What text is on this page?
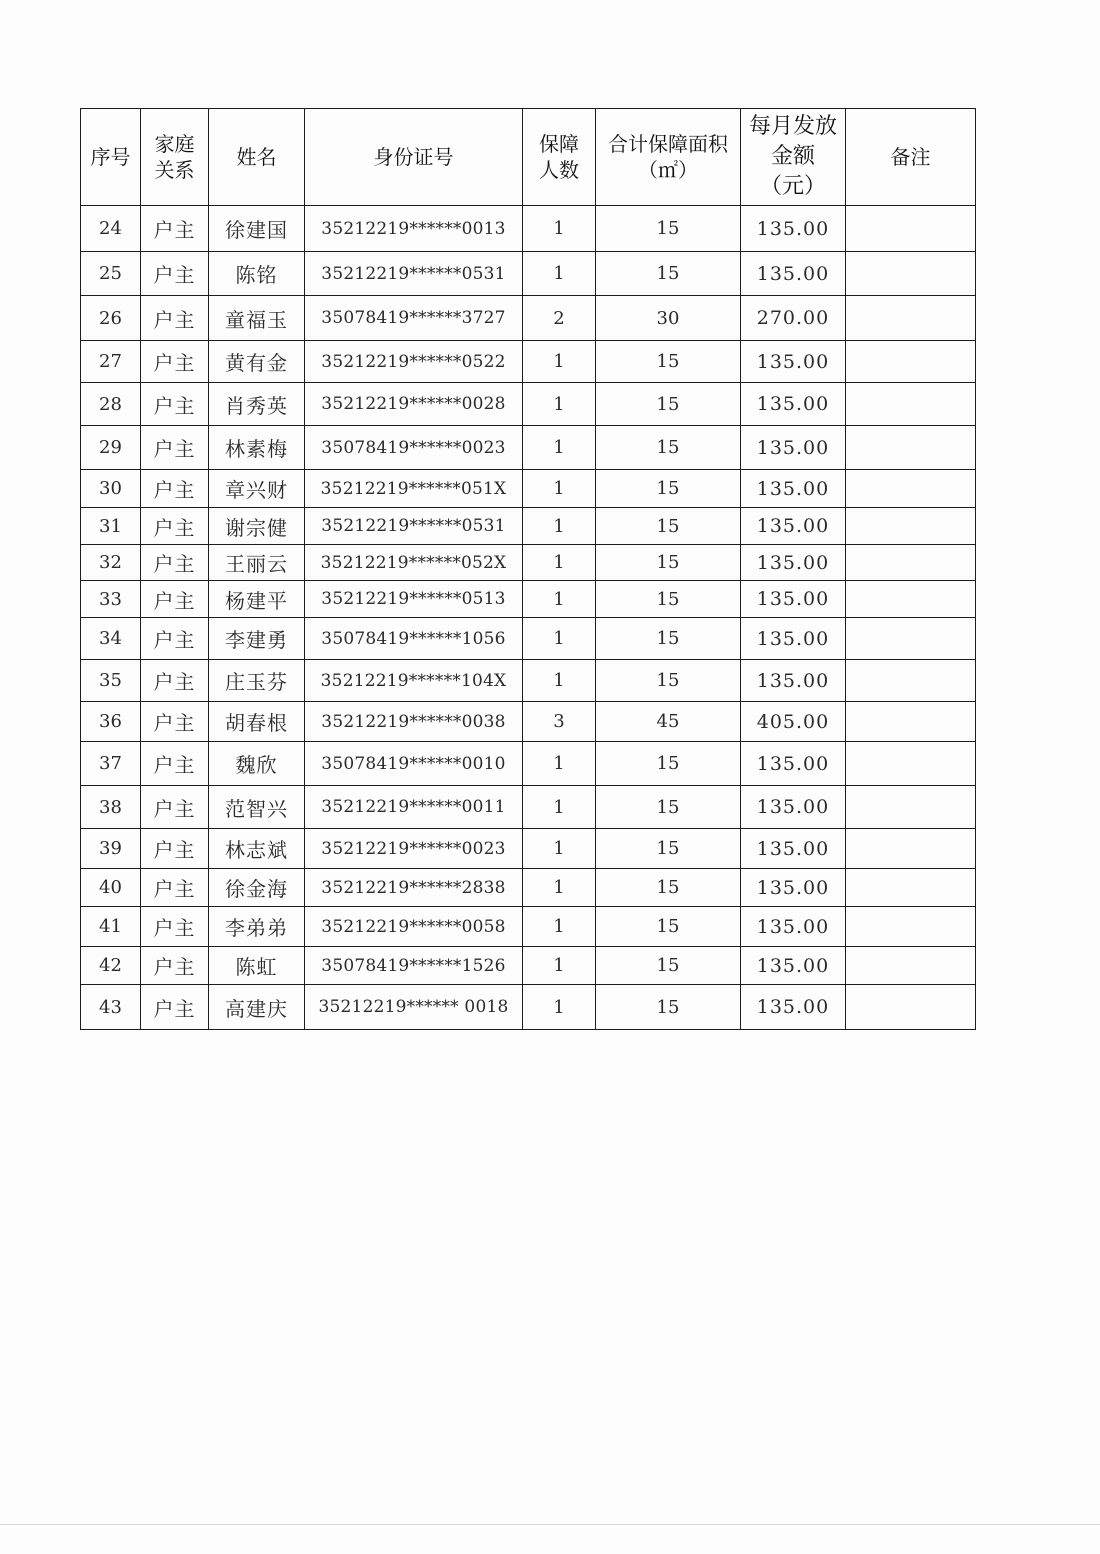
序号	家庭关系	姓名	身份证号	保障人数	合计保障面积（㎡）	每月发放金额（元）	备注
24	户主	徐建国	35212219******0013	1	15	135.00	
25	户主	陈铭	35212219******0531	1	15	135.00	
26	户主	童福玉	35078419******3727	2	30	270.00	
27	户主	黄有金	35212219******0522	1	15	135.00	
28	户主	肖秀英	35212219******0028	1	15	135.00	
29	户主	林素梅	35078419******0023	1	15	135.00	
30	户主	章兴财	35212219******051X	1	15	135.00	
31	户主	谢宗健	35212219******0531	1	15	135.00	
32	户主	王丽云	35212219******052X	1	15	135.00	
33	户主	杨建平	35212219******0513	1	15	135.00	
34	户主	李建勇	35078419******1056	1	15	135.00	
35	户主	庄玉芬	35212219******104X	1	15	135.00	
36	户主	胡春根	35212219******0038	3	45	405.00	
37	户主	魏欣	35078419******0010	1	15	135.00	
38	户主	范智兴	35212219******0011	1	15	135.00	
39	户主	林志斌	35212219******0023	1	15	135.00	
40	户主	徐金海	35212219******2838	1	15	135.00	
41	户主	李弟弟	35212219******0058	1	15	135.00	
42	户主	陈虹	35078419******1526	1	15	135.00	
43	户主	高建庆	35212219****** 0018	1	15	135.00	
